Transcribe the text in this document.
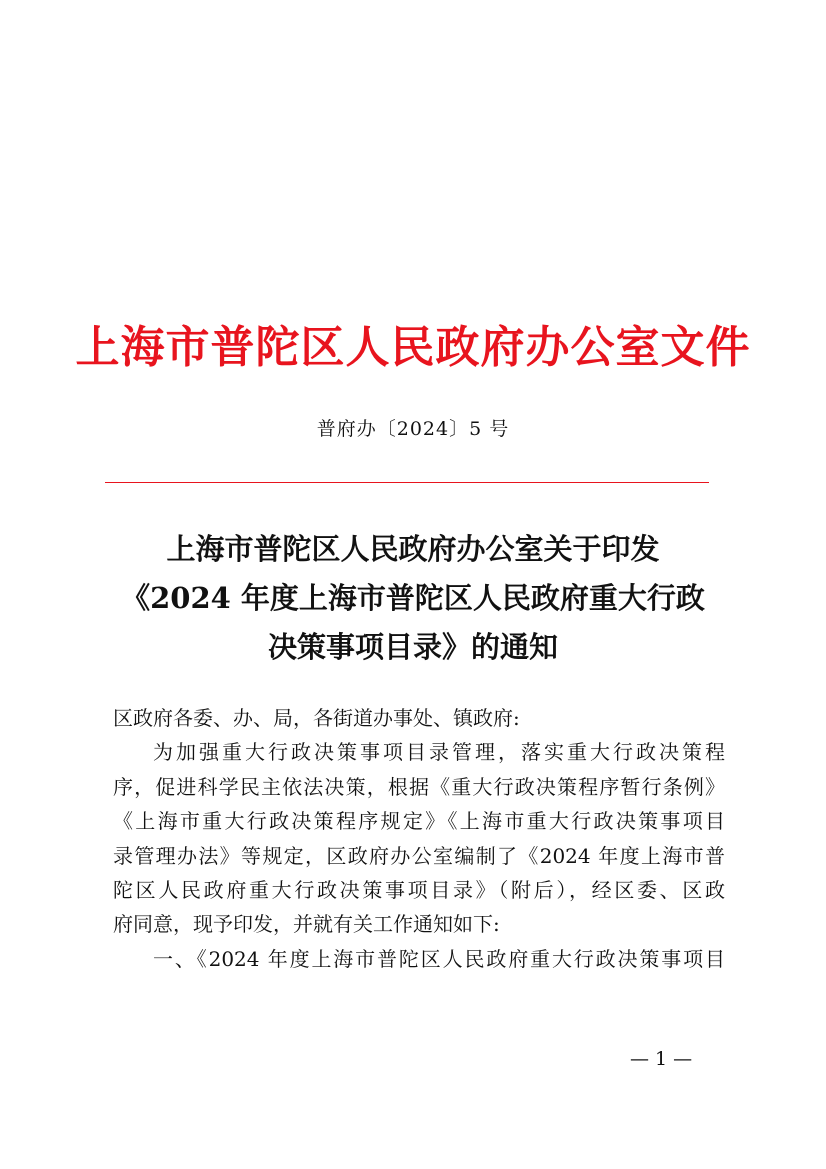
上海市普陀区人民政府办公室文件
普府办〔2024〕5 号
上海市普陀区人民政府办公室关于印发
《2024 年度上海市普陀区人民政府重大行政
决策事项目录》的通知
区政府各委、办、局，各街道办事处、镇政府:
为加强重大行政决策事项目录管理，落实重大行政决策程
序，促进科学民主依法决策，根据《重大行政决策程序暂行条例》
《上海市重大行政决策程序规定》《上海市重大行政决策事项目
录管理办法》等规定，区政府办公室编制了《2024 年度上海市普
陀区人民政府重大行政决策事项目录》（附后），经区委、区政
府同意，现予印发，并就有关工作通知如下:
一、《2024 年度上海市普陀区人民政府重大行政决策事项目
— 1 —
